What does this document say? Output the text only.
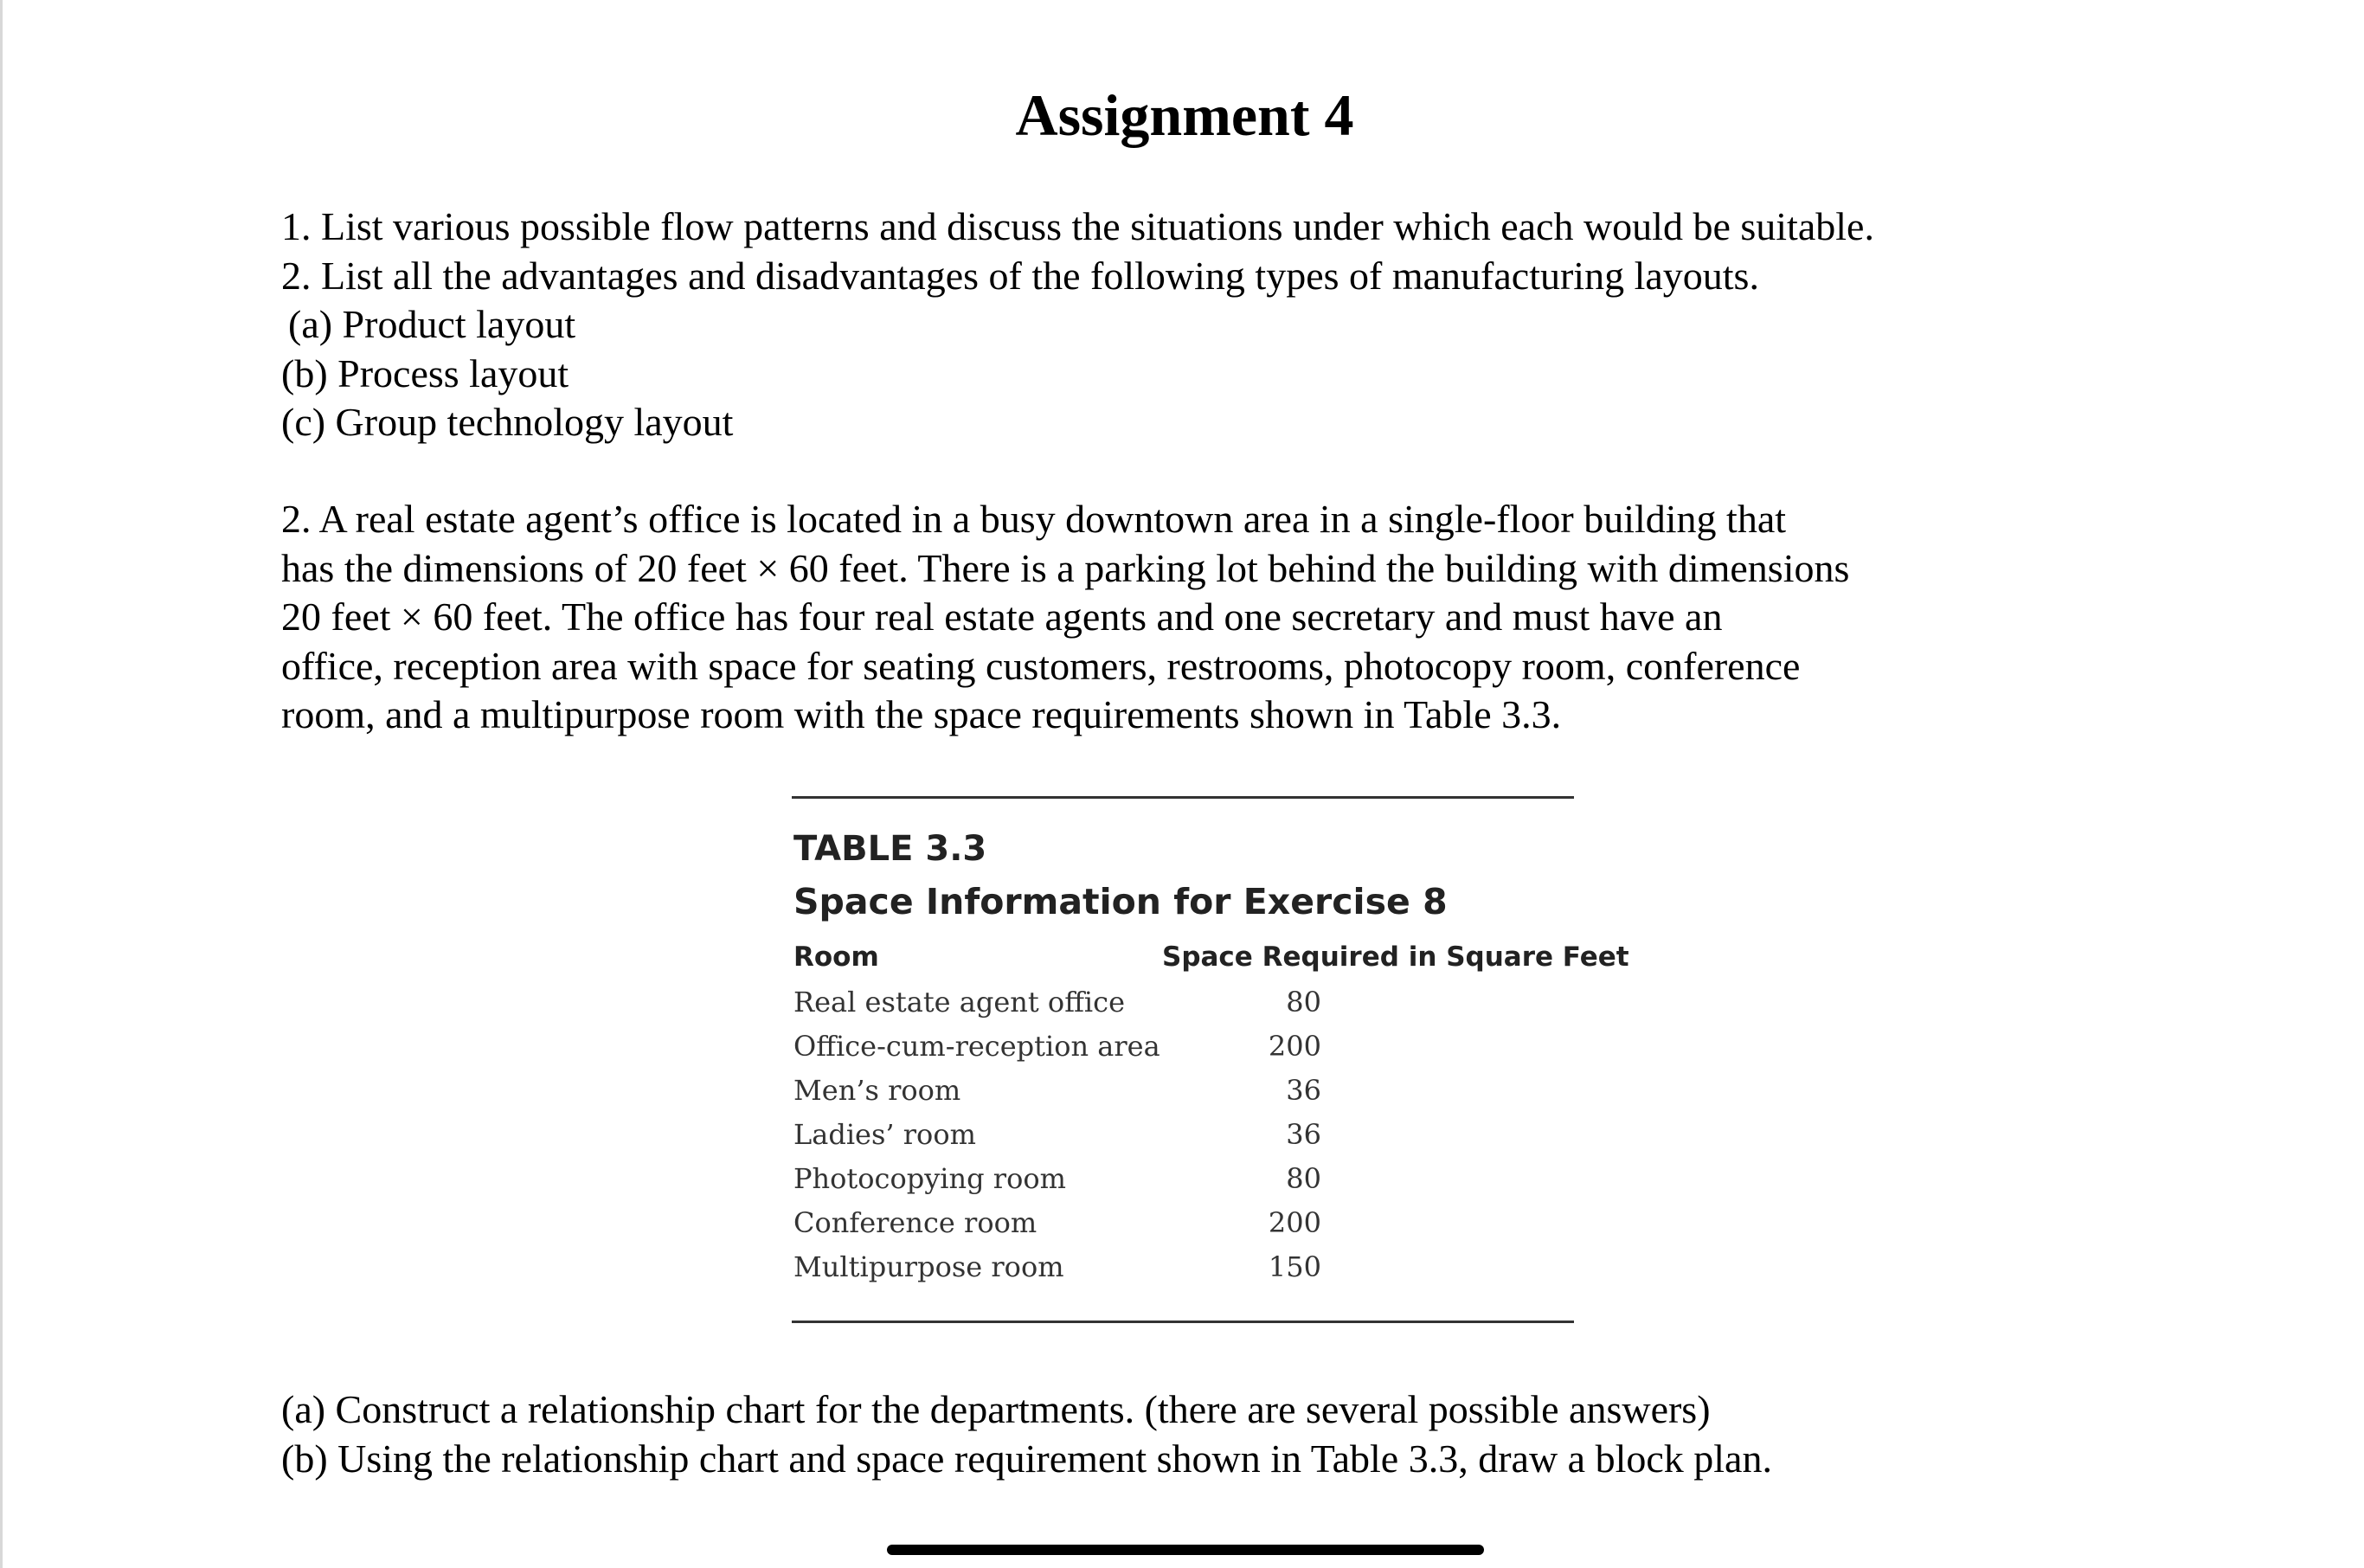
Assignment 4
1. List various possible flow patterns and discuss the situations under which each would be suitable.
2. List all the advantages and disadvantages of the following types of manufacturing layouts.
(a) Product layout
(b) Process layout
(c) Group technology layout
2. A real estate agent’s office is located in a busy downtown area in a single-floor building that
has the dimensions of 20 feet × 60 feet. There is a parking lot behind the building with dimensions
20 feet × 60 feet. The office has four real estate agents and one secretary and must have an
office, reception area with space for seating customers, restrooms, photocopy room, conference
room, and a multipurpose room with the space requirements shown in Table 3.3.
TABLE 3.3
Space Information for Exercise 8
Room	Space Required in Square Feet
Real estate agent office	80
Office-cum-reception area	200
Men’s room	36
Ladies’ room	36
Photocopying room	80
Conference room	200
Multipurpose room	150
(a) Construct a relationship chart for the departments. (there are several possible answers)
(b) Using the relationship chart and space requirement shown in Table 3.3, draw a block plan.
